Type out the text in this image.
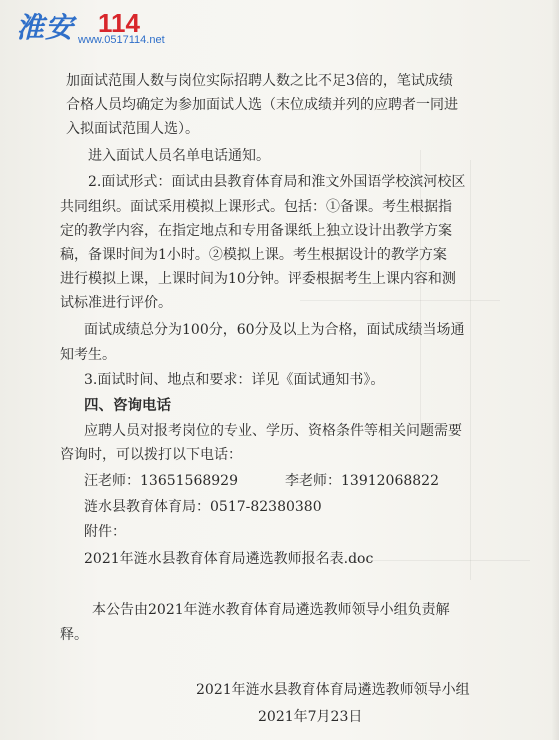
淮安 114
www.0517114.net
加面试范围人数与岗位实际招聘人数之比不足3倍的，笔试成绩
合格人员均确定为参加面试人选（末位成绩并列的应聘者一同进
入拟面试范围人选）。
进入面试人员名单电话通知。
2.面试形式：面试由县教育体育局和淮文外国语学校滨河校区
共同组织。面试采用模拟上课形式。包括：①备课。考生根据指
定的教学内容，在指定地点和专用备课纸上独立设计出教学方案
稿，备课时间为1小时。②模拟上课。考生根据设计的教学方案
进行模拟上课，上课时间为10分钟。评委根据考生上课内容和测
试标准进行评价。
面试成绩总分为100分，60分及以上为合格，面试成绩当场通
知考生。
3.面试时间、地点和要求：详见《面试通知书》。
四、咨询电话
应聘人员对报考岗位的专业、学历、资格条件等相关问题需要
咨询时，可以拨打以下电话：
汪老师：13651568929	李老师：13912068822
涟水县教育体育局：0517-82380380
附件：
2021年涟水县教育体育局遴选教师报名表.doc
本公告由2021年涟水教育体育局遴选教师领导小组负责解
释。
2021年涟水县教育体育局遴选教师领导小组
2021年7月23日
